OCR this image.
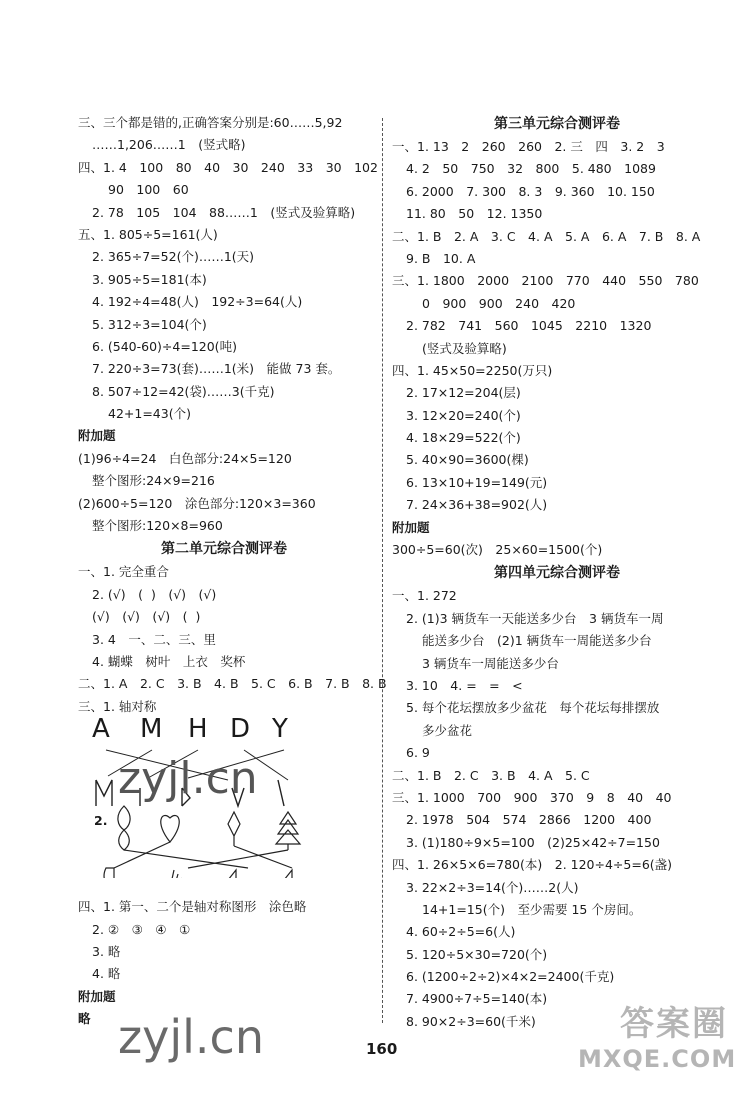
三、三个都是错的,正确答案分别是:60……5,92
……1,206……1　(竖式略)
四、1. 4　100　80　40　30　240　33　30　102
90　100　60
2. 78　105　104　88……1　(竖式及验算略)
五、1. 805÷5=161(人)
2. 365÷7=52(个)……1(天)
3. 905÷5=181(本)
4. 192÷4=48(人)　192÷3=64(人)
5. 312÷3=104(个)
6. (540-60)÷4=120(吨)
7. 220÷3=73(套)……1(米)　能做 73 套。
8. 507÷12=42(袋)……3(千克)
42+1=43(个)
附加题
(1)96÷4=24　白色部分:24×5=120
整个图形:24×9=216
(2)600÷5=120　涂色部分:120×3=360
整个图形:120×8=960
第二单元综合测评卷
一、1. 完全重合
2. (√)　(  )　(√)　(√)
(√)　(√)　(√)　(  )
3. 4　一、二、三、里
4. 蝴蝶　树叶　上衣　奖杯
二、1. A　2. C　3. B　4. B　5. C　6. B　7. B　8. B
三、1. 轴对称
A M H D Y
2.
zyjl.cn
四、1. 第一、二个是轴对称图形　涂色略
2. ②　③　④　①
3. 略
4. 略
附加题
略
第三单元综合测评卷
一、1. 13　2　260　260　2. 三　四　3. 2　3
4. 2　50　750　32　800　5. 480　1089
6. 2000　7. 300　8. 3　9. 360　10. 150
11. 80　50　12. 1350
二、1. B　2. A　3. C　4. A　5. A　6. A　7. B　8. A
9. B　10. A
三、1. 1800　2000　2100　770　440　550　780
0　900　900　240　420
2. 782　741　560　1045　2210　1320
(竖式及验算略)
四、1. 45×50=2250(万只)
2. 17×12=204(层)
3. 12×20=240(个)
4. 18×29=522(个)
5. 40×90=3600(棵)
6. 13×10+19=149(元)
7. 24×36+38=902(人)
附加题
300÷5=60(次)　25×60=1500(个)
第四单元综合测评卷
一、1. 272
2. (1)3 辆货车一天能送多少台　3 辆货车一周
能送多少台　(2)1 辆货车一周能送多少台
3 辆货车一周能送多少台
3. 10　4. =　=　<
5. 每个花坛摆放多少盆花　每个花坛每排摆放
多少盆花
6. 9
二、1. B　2. C　3. B　4. A　5. C
三、1. 1000　700　900　370　9　8　40　40
2. 1978　504　574　2866　1200　400
3. (1)180÷9×5=100　(2)25×42÷7=150
四、1. 26×5×6=780(本)　2. 120÷4÷5=6(盏)
3. 22×2÷3=14(个)……2(人)
14+1=15(个)　至少需要 15 个房间。
4. 60÷2÷5=6(人)
5. 120÷5×30=720(个)
6. (1200÷2÷2)×4×2=2400(千克)
7. 4900÷7÷5=140(本)
8. 90×2÷3=60(千米)
160
zyjl.cn	答案圈
MXQE.COM
